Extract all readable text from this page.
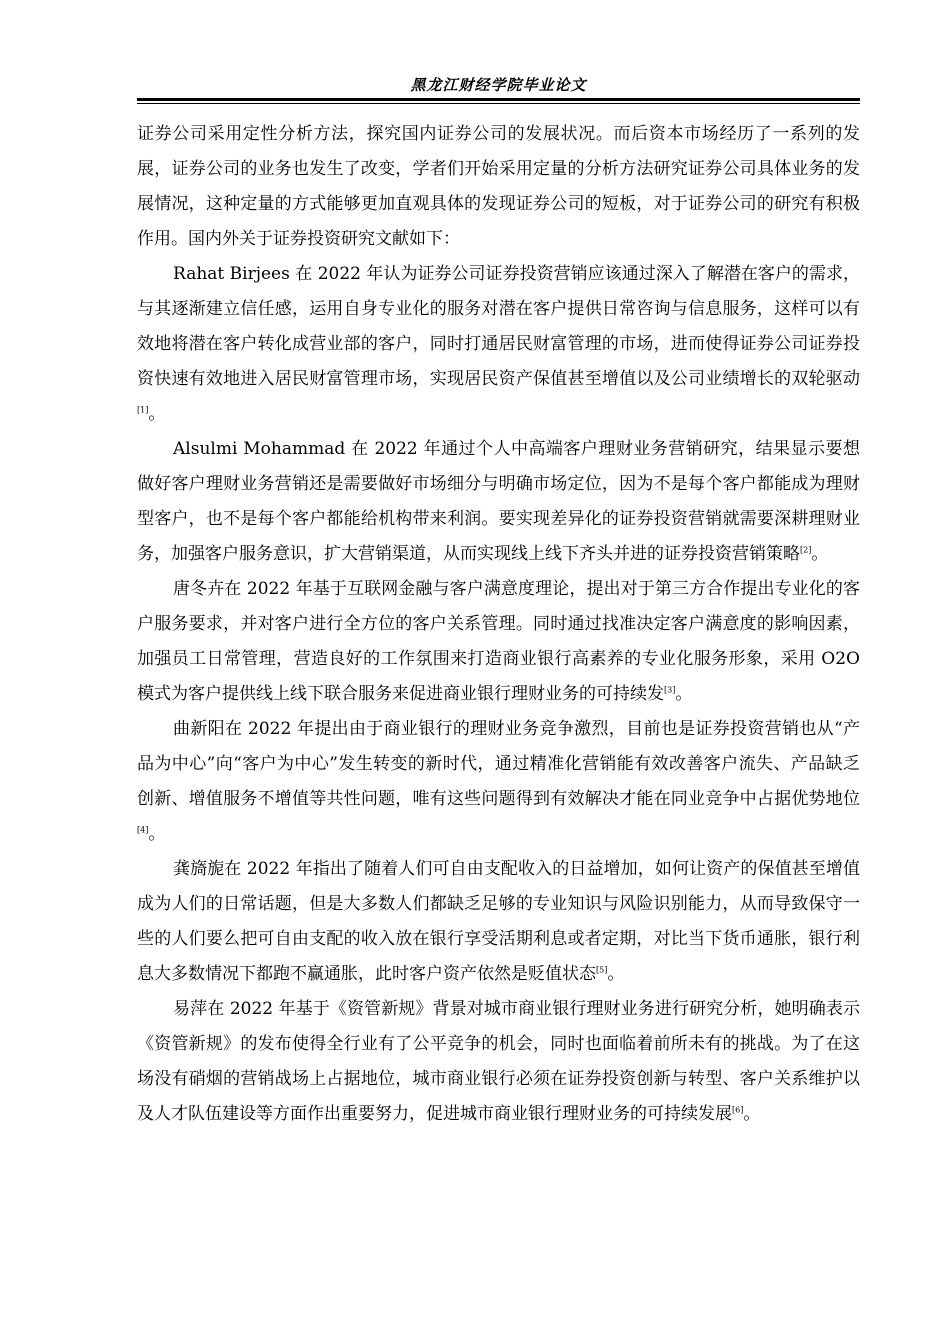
黑龙江财经学院毕业论文

证券公司采用定性分析方法，探究国内证券公司的发展状况。而后资本市场经历了一系列的发展，证券公司的业务也发生了改变，学者们开始采用定量的分析方法研究证券公司具体业务的发展情况，这种定量的方式能够更加直观具体的发现证券公司的短板，对于证券公司的研究有积极作用。国内外关于证券投资研究文献如下：

Rahat Birjees 在 2022 年认为证券公司证券投资营销应该通过深入了解潜在客户的需求，与其逐渐建立信任感，运用自身专业化的服务对潜在客户提供日常咨询与信息服务，这样可以有效地将潜在客户转化成营业部的客户，同时打通居民财富管理的市场，进而使得证券公司证券投资快速有效地进入居民财富管理市场，实现居民资产保值甚至增值以及公司业绩增长的双轮驱动[1]。

Alsulmi Mohammad 在 2022 年通过个人中高端客户理财业务营销研究，结果显示要想做好客户理财业务营销还是需要做好市场细分与明确市场定位，因为不是每个客户都能成为理财型客户，也不是每个客户都能给机构带来利润。要实现差异化的证券投资营销就需要深耕理财业务，加强客户服务意识，扩大营销渠道，从而实现线上线下齐头并进的证券投资营销策略[2]。

唐冬卉在 2022 年基于互联网金融与客户满意度理论，提出对于第三方合作提出专业化的客户服务要求，并对客户进行全方位的客户关系管理。同时通过找准决定客户满意度的影响因素，加强员工日常管理，营造良好的工作氛围来打造商业银行高素养的专业化服务形象，采用 O2O 模式为客户提供线上线下联合服务来促进商业银行理财业务的可持续发[3]。

曲新阳在 2022 年提出由于商业银行的理财业务竞争激烈，目前也是证券投资营销也从“产品为中心”向“客户为中心”发生转变的新时代，通过精准化营销能有效改善客户流失、产品缺乏创新、增值服务不增值等共性问题，唯有这些问题得到有效解决才能在同业竞争中占据优势地位[4]。

龚旖旎在 2022 年指出了随着人们可自由支配收入的日益增加，如何让资产的保值甚至增值成为人们的日常话题，但是大多数人们都缺乏足够的专业知识与风险识别能力，从而导致保守一些的人们要么把可自由支配的收入放在银行享受活期利息或者定期，对比当下货币通胀，银行利息大多数情况下都跑不赢通胀，此时客户资产依然是贬值状态[5]。

易萍在 2022 年基于《资管新规》背景对城市商业银行理财业务进行研究分析，她明确表示《资管新规》的发布使得全行业有了公平竞争的机会，同时也面临着前所未有的挑战。为了在这场没有硝烟的营销战场上占据地位，城市商业银行必须在证券投资创新与转型、客户关系维护以及人才队伍建设等方面作出重要努力，促进城市商业银行理财业务的可持续发展[6]。
